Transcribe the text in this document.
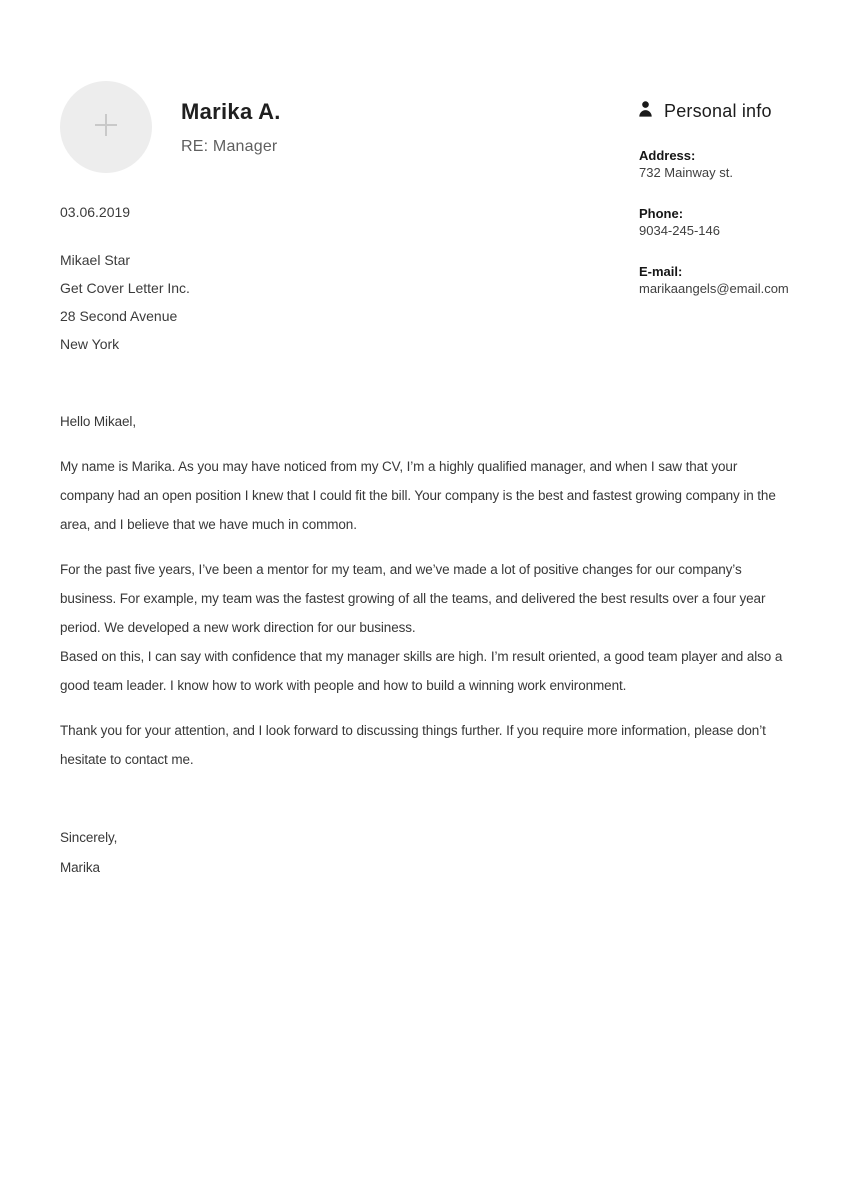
Marika A.
RE: Manager
Personal info
Address:
732 Mainway st.
Phone:
9034-245-146
E-mail:
marikaangels@email.com
03.06.2019
Mikael Star
Get Cover Letter Inc.
28 Second Avenue
New York

Hello Mikael,

My name is Marika. As you may have noticed from my CV, I’m a highly qualified manager, and when I saw that your company had an open position I knew that I could fit the bill. Your company is the best and fastest growing company in the area, and I believe that we have much in common.

For the past five years, I’ve been a mentor for my team, and we’ve made a lot of positive changes for our company’s business. For example, my team was the fastest growing of all the teams, and delivered the best results over a four year period. We developed a new work direction for our business.

Based on this, I can say with confidence that my manager skills are high. I’m result oriented, a good team player and also a good team leader. I know how to work with people and how to build a winning work environment.

Thank you for your attention, and I look forward to discussing things further. If you require more information, please don’t hesitate to contact me.

Sincerely,

Marika
